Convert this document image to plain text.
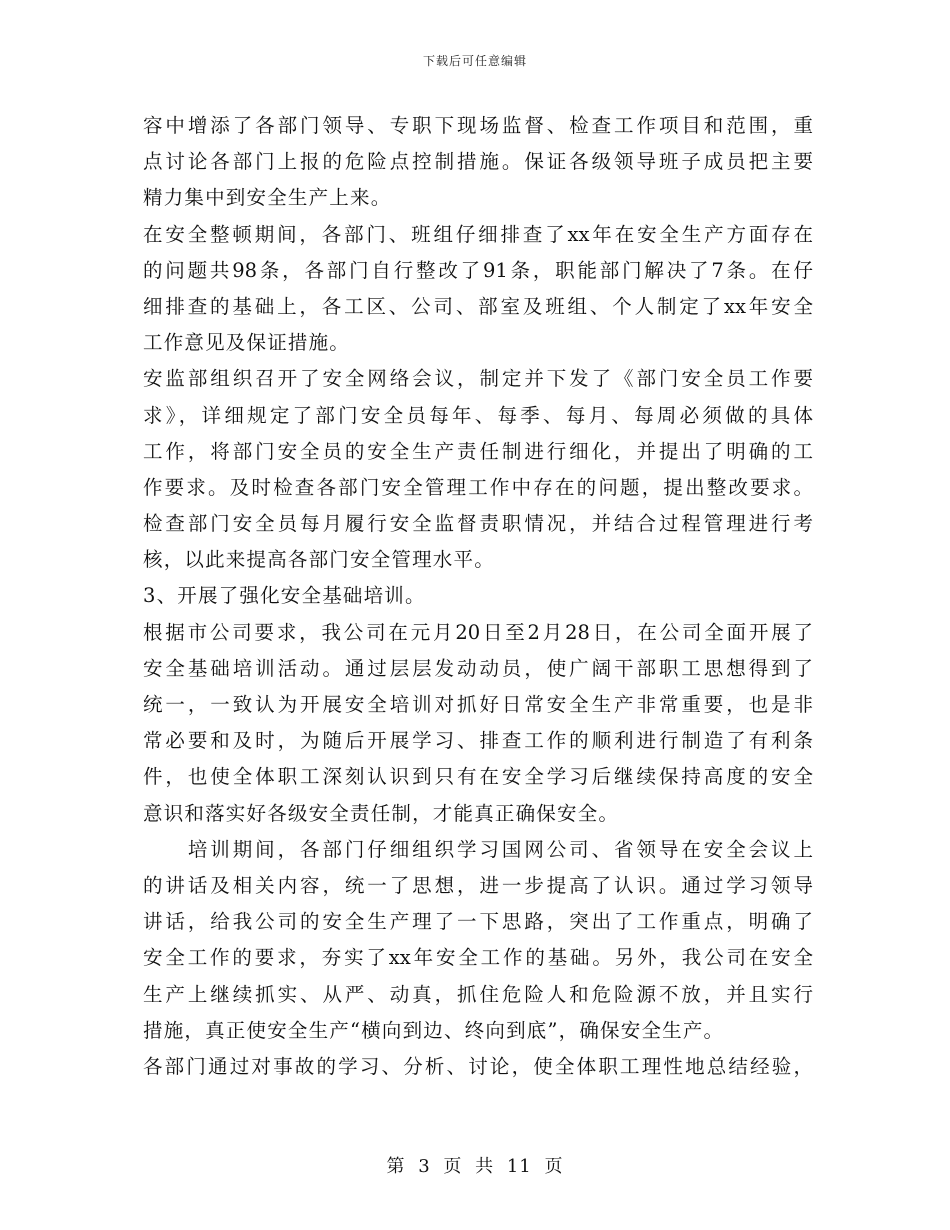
下载后可任意编辑
容中增添了各部门领导、专职下现场监督、检查工作项目和范围，重
点讨论各部门上报的危险点控制措施。保证各级领导班子成员把主要
精力集中到安全生产上来。
在安全整顿期间，各部门、班组仔细排查了xx年在安全生产方面存在
的问题共98条，各部门自行整改了91条，职能部门解决了7条。在仔
细排查的基础上，各工区、公司、部室及班组、个人制定了xx年安全
工作意见及保证措施。
安监部组织召开了安全网络会议，制定并下发了《部门安全员工作要
求》，详细规定了部门安全员每年、每季、每月、每周必须做的具体
工作，将部门安全员的安全生产责任制进行细化，并提出了明确的工
作要求。及时检查各部门安全管理工作中存在的问题，提出整改要求。
检查部门安全员每月履行安全监督责职情况，并结合过程管理进行考
核，以此来提高各部门安全管理水平。
3、开展了强化安全基础培训。
根据市公司要求，我公司在元月20日至2月28日，在公司全面开展了
安全基础培训活动。通过层层发动动员，使广阔干部职工思想得到了
统一，一致认为开展安全培训对抓好日常安全生产非常重要，也是非
常必要和及时，为随后开展学习、排查工作的顺利进行制造了有利条
件，也使全体职工深刻认识到只有在安全学习后继续保持高度的安全
意识和落实好各级安全责任制，才能真正确保安全。
　　培训期间，各部门仔细组织学习国网公司、省领导在安全会议上
的讲话及相关内容，统一了思想，进一步提高了认识。通过学习领导
讲话，给我公司的安全生产理了一下思路，突出了工作重点，明确了
安全工作的要求，夯实了xx年安全工作的基础。另外，我公司在安全
生产上继续抓实、从严、动真，抓住危险人和危险源不放，并且实行
措施，真正使安全生产“横向到边、终向到底”，确保安全生产。
各部门通过对事故的学习、分析、讨论，使全体职工理性地总结经验，
第 3 页 共 11 页
